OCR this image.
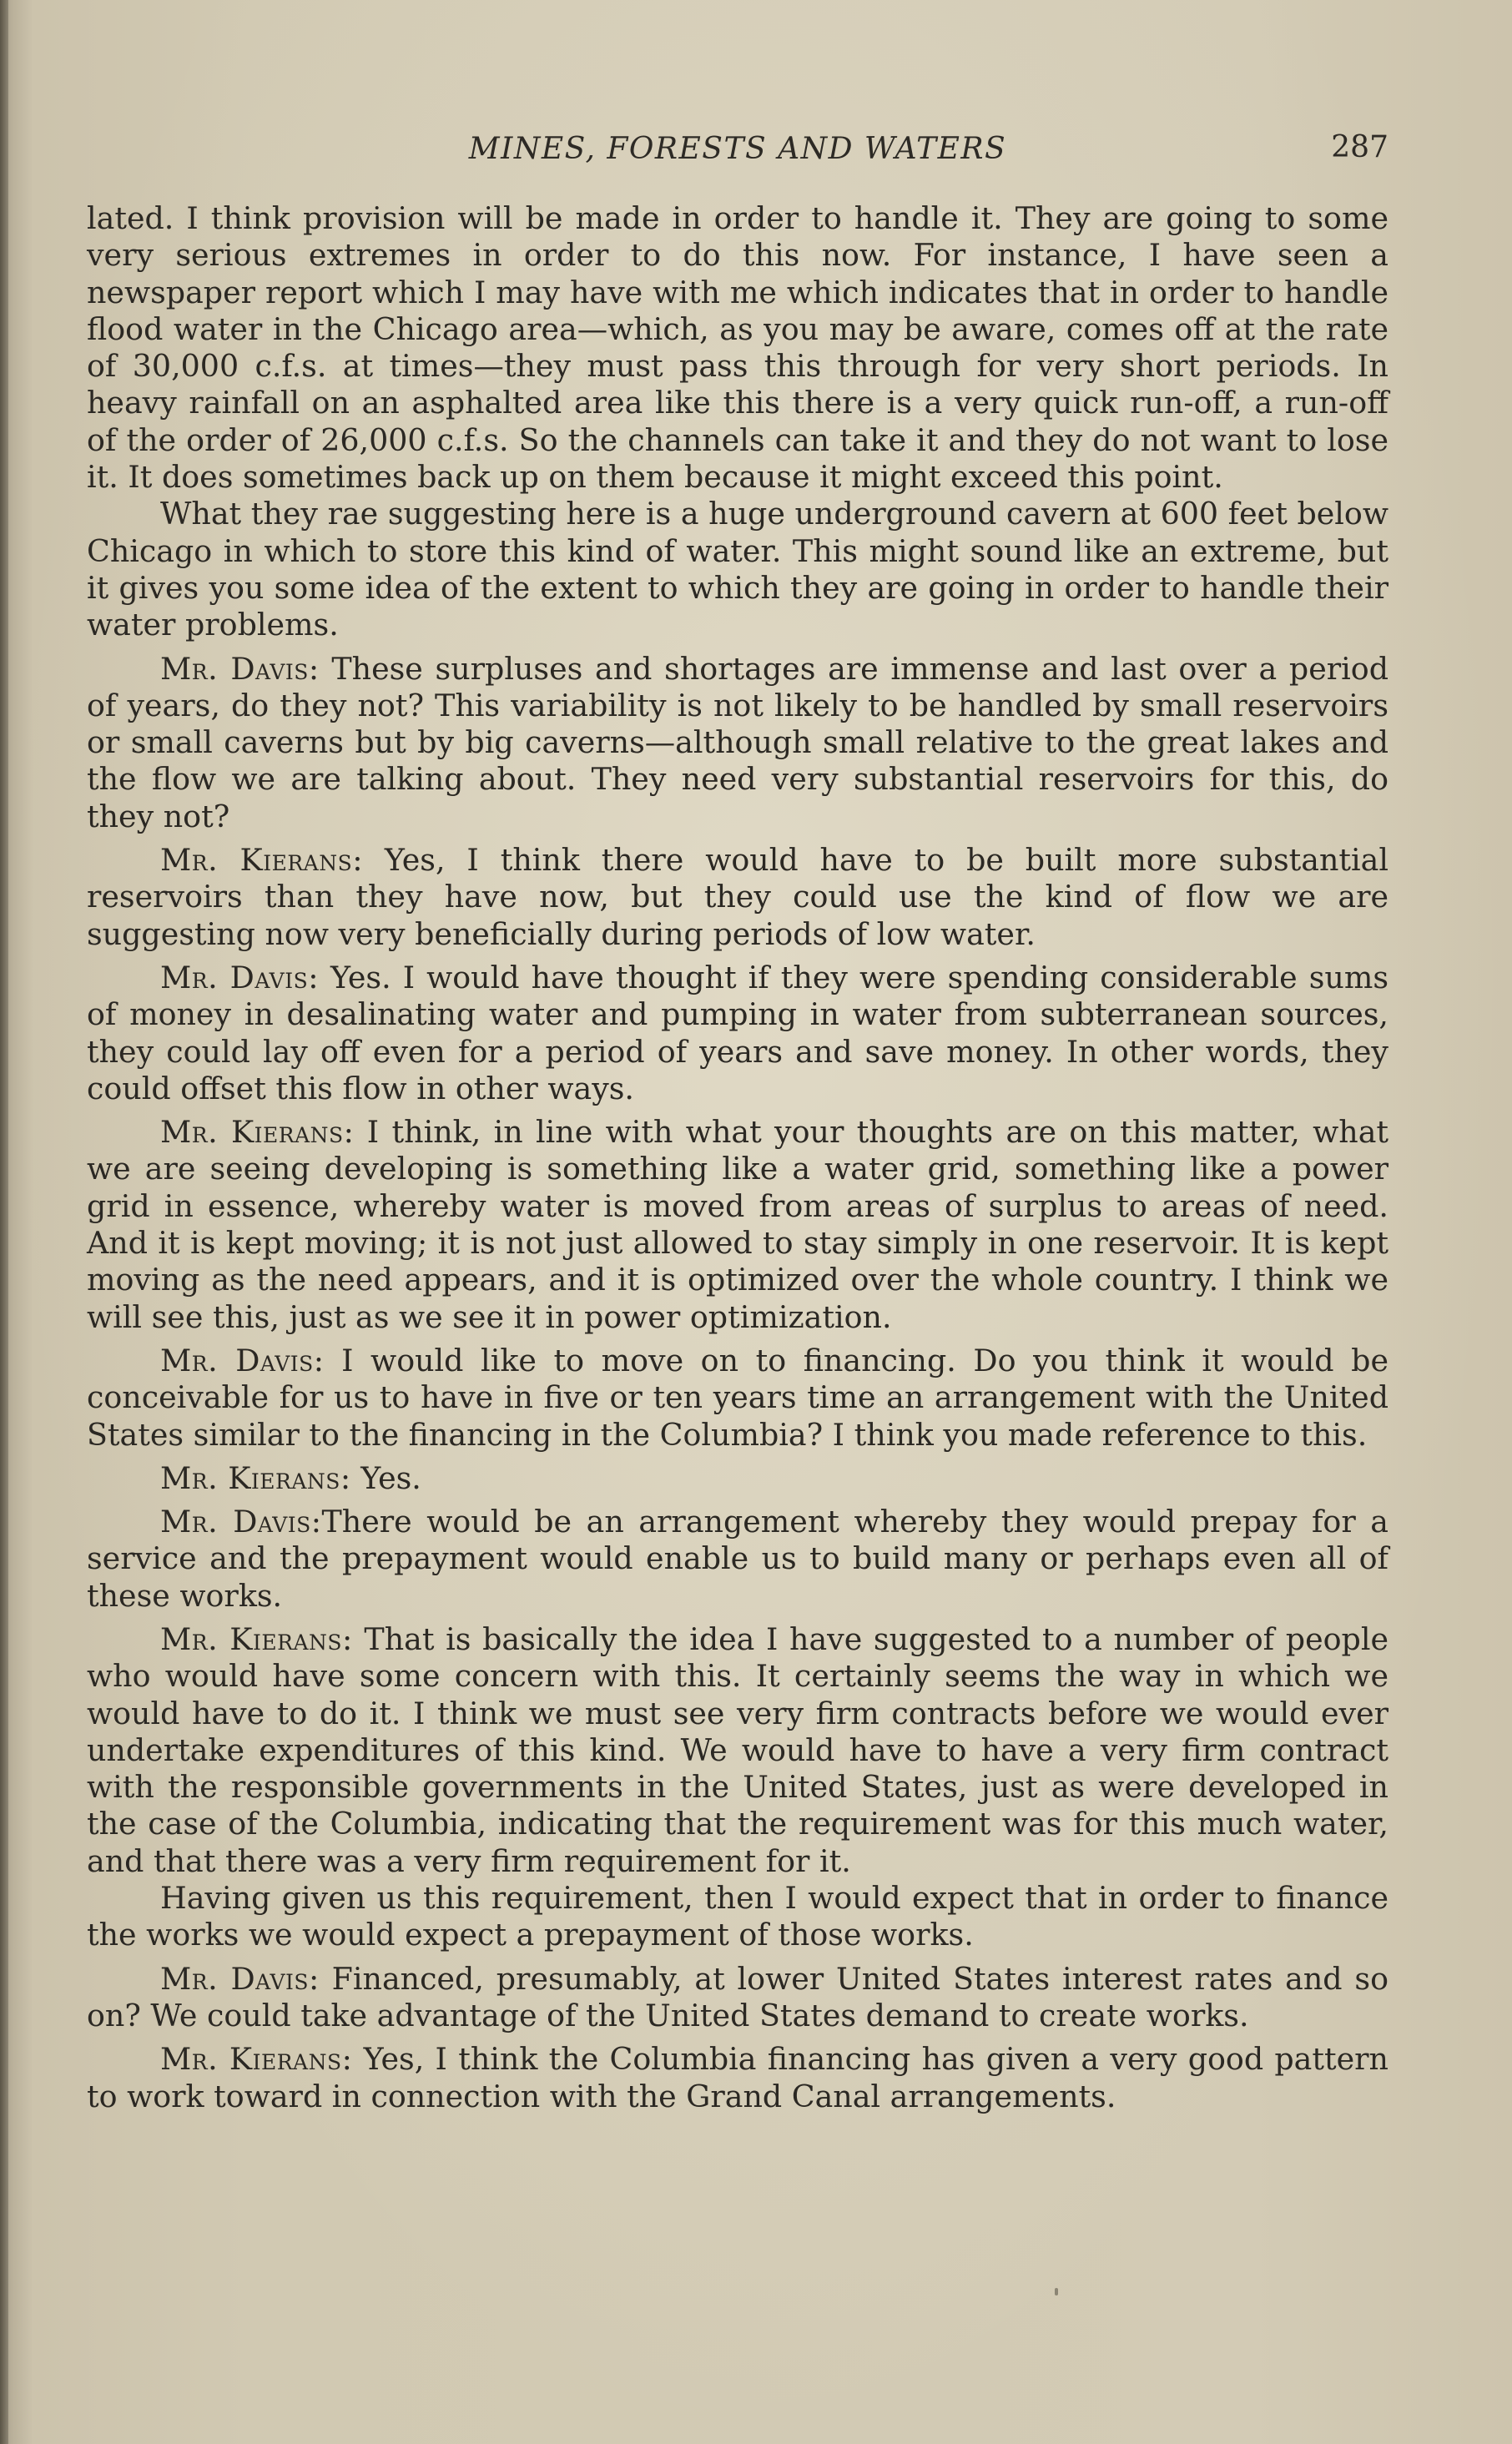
MINES, FORESTS AND WATERS	287

lated. I think provision will be made in order to handle it. They are going to some very serious extremes in order to do this now. For instance, I have seen a newspaper report which I may have with me which indicates that in order to handle flood water in the Chicago area—which, as you may be aware, comes off at the rate of 30,000 c.f.s. at times—they must pass this through for very short periods. In heavy rainfall on an asphalted area like this there is a very quick run-off, a run-off of the order of 26,000 c.f.s. So the channels can take it and they do not want to lose it. It does sometimes back up on them because it might exceed this point.

What they rae suggesting here is a huge underground cavern at 600 feet below Chicago in which to store this kind of water. This might sound like an extreme, but it gives you some idea of the extent to which they are going in order to handle their water problems.

Mr. Davis: These surpluses and shortages are immense and last over a period of years, do they not? This variability is not likely to be handled by small reservoirs or small caverns but by big caverns—although small relative to the great lakes and the flow we are talking about. They need very substantial reservoirs for this, do they not?

Mr. Kierans: Yes, I think there would have to be built more substantial reservoirs than they have now, but they could use the kind of flow we are suggesting now very beneficially during periods of low water.

Mr. Davis: Yes. I would have thought if they were spending considerable sums of money in desalinating water and pumping in water from subterranean sources, they could lay off even for a period of years and save money. In other words, they could offset this flow in other ways.

Mr. Kierans: I think, in line with what your thoughts are on this matter, what we are seeing developing is something like a water grid, something like a power grid in essence, whereby water is moved from areas of surplus to areas of need. And it is kept moving; it is not just allowed to stay simply in one reservoir. It is kept moving as the need appears, and it is optimized over the whole country. I think we will see this, just as we see it in power optimization.

Mr. Davis: I would like to move on to financing. Do you think it would be conceivable for us to have in five or ten years time an arrangement with the United States similar to the financing in the Columbia? I think you made reference to this.

Mr. Kierans: Yes.

Mr. Davis:There would be an arrangement whereby they would prepay for a service and the prepayment would enable us to build many or perhaps even all of these works.

Mr. Kierans: That is basically the idea I have suggested to a number of people who would have some concern with this. It certainly seems the way in which we would have to do it. I think we must see very firm contracts before we would ever undertake expenditures of this kind. We would have to have a very firm contract with the responsible governments in the United States, just as were developed in the case of the Columbia, indicating that the requirement was for this much water, and that there was a very firm requirement for it.

Having given us this requirement, then I would expect that in order to finance the works we would expect a prepayment of those works.

Mr. Davis: Financed, presumably, at lower United States interest rates and so on? We could take advantage of the United States demand to create works.

Mr. Kierans: Yes, I think the Columbia financing has given a very good pattern to work toward in connection with the Grand Canal arrangements.
